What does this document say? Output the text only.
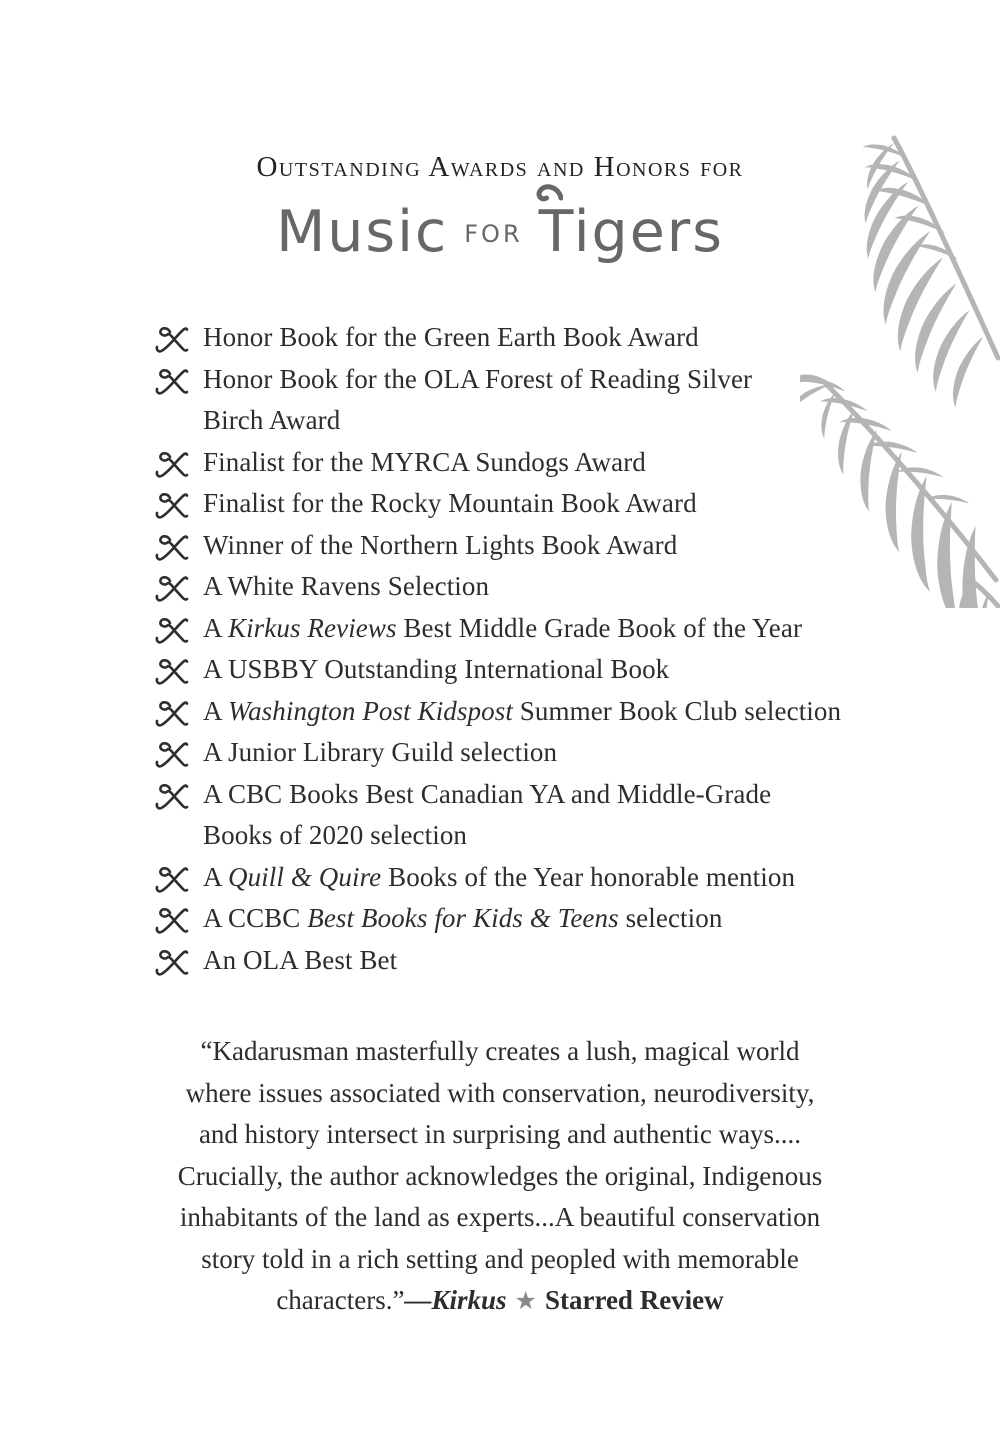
Outstanding Awards and Honors for
Music FOR Tigers
Honor Book for the Green Earth Book Award
Honor Book for the OLA Forest of Reading Silver
Birch Award
Finalist for the MYRCA Sundogs Award
Finalist for the Rocky Mountain Book Award
Winner of the Northern Lights Book Award
A White Ravens Selection
A Kirkus Reviews Best Middle Grade Book of the Year
A USBBY Outstanding International Book
A Washington Post Kidspost Summer Book Club selection
A Junior Library Guild selection
A CBC Books Best Canadian YA and Middle-Grade
Books of 2020 selection
A Quill & Quire Books of the Year honorable mention
A CCBC Best Books for Kids & Teens selection
An OLA Best Bet
“Kadarusman masterfully creates a lush, magical world
where issues associated with conservation, neurodiversity,
and history intersect in surprising and authentic ways....
Crucially, the author acknowledges the original, Indigenous
inhabitants of the land as experts...A beautiful conservation
story told in a rich setting and peopled with memorable
characters.”—Kirkus ★ Starred Review
